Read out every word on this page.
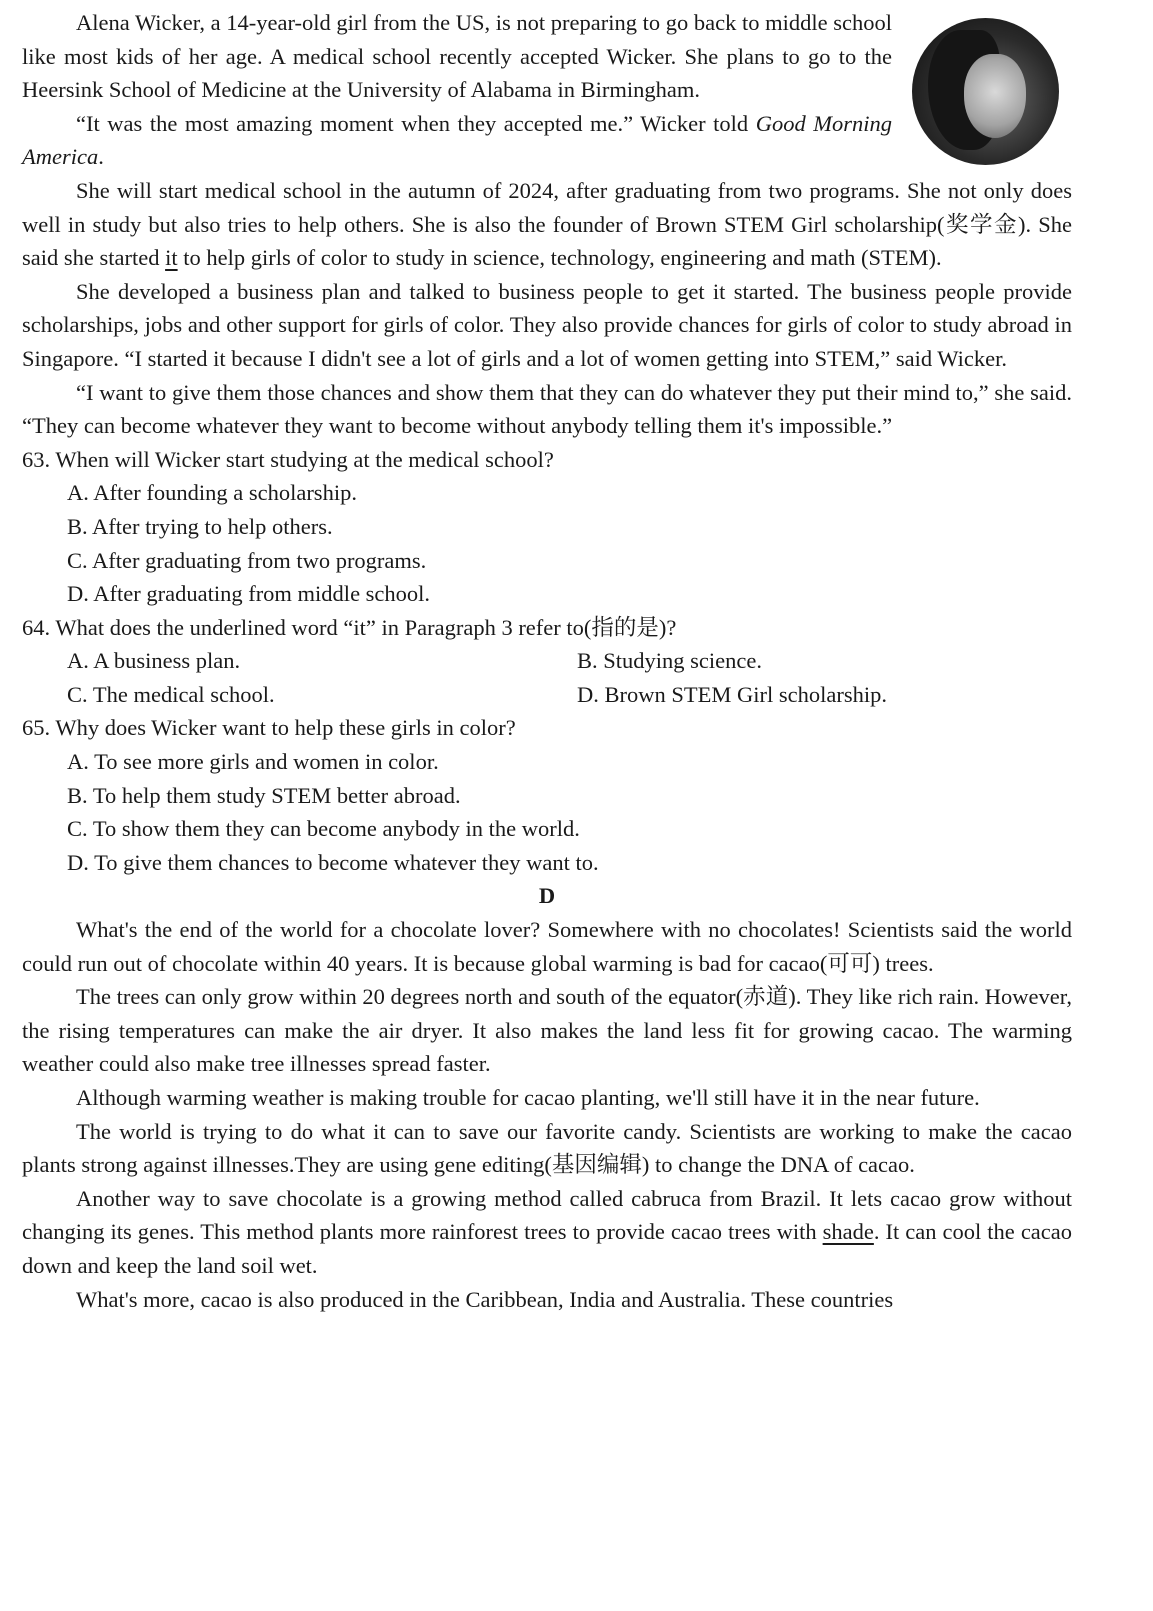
Alena Wicker, a 14-year-old girl from the US, is not preparing to go back to middle school like most kids of her age. A medical school recently accepted Wicker. She plans to go to the Heersink School of Medicine at the University of Alabama in Birmingham.

“It was the most amazing moment when they accepted me.” Wicker told Good Morning America.

She will start medical school in the autumn of 2024, after graduating from two programs. She not only does well in study but also tries to help others. She is also the founder of Brown STEM Girl scholarship(奖学金). She said she started it to help girls of color to study in science, technology, engineering and math (STEM).

She developed a business plan and talked to business people to get it started. The business people provide scholarships, jobs and other support for girls of color. They also provide chances for girls of color to study abroad in Singapore. “I started it because I didn't see a lot of girls and a lot of women getting into STEM,” said Wicker.

“I want to give them those chances and show them that they can do whatever they put their mind to,” she said. “They can become whatever they want to become without anybody telling them it's impossible.”

63. When will Wicker start studying at the medical school?

A. After founding a scholarship.

B. After trying to help others.

C. After graduating from two programs.

D. After graduating from middle school.

64. What does the underlined word “it” in Paragraph 3 refer to(指的是)?

A. A business plan.	B. Studying science.
C. The medical school.	D. Brown STEM Girl scholarship.

65. Why does Wicker want to help these girls in color?

A. To see more girls and women in color.

B. To help them study STEM better abroad.

C. To show them they can become anybody in the world.

D. To give them chances to become whatever they want to.

D

What's the end of the world for a chocolate lover? Somewhere with no chocolates! Scientists said the world could run out of chocolate within 40 years. It is because global warming is bad for cacao(可可) trees.

The trees can only grow within 20 degrees north and south of the equator(赤道). They like rich rain. However, the rising temperatures can make the air dryer. It also makes the land less fit for growing cacao. The warming weather could also make tree illnesses spread faster.

Although warming weather is making trouble for cacao planting, we'll still have it in the near future.

The world is trying to do what it can to save our favorite candy. Scientists are working to make the cacao plants strong against illnesses.They are using gene editing(基因编辑) to change the DNA of cacao.

Another way to save chocolate is a growing method called cabruca from Brazil. It lets cacao grow without changing its genes. This method plants more rainforest trees to provide cacao trees with shade. It can cool the cacao down and keep the land soil wet.

What's more, cacao is also produced in the Caribbean, India and Australia. These countries
